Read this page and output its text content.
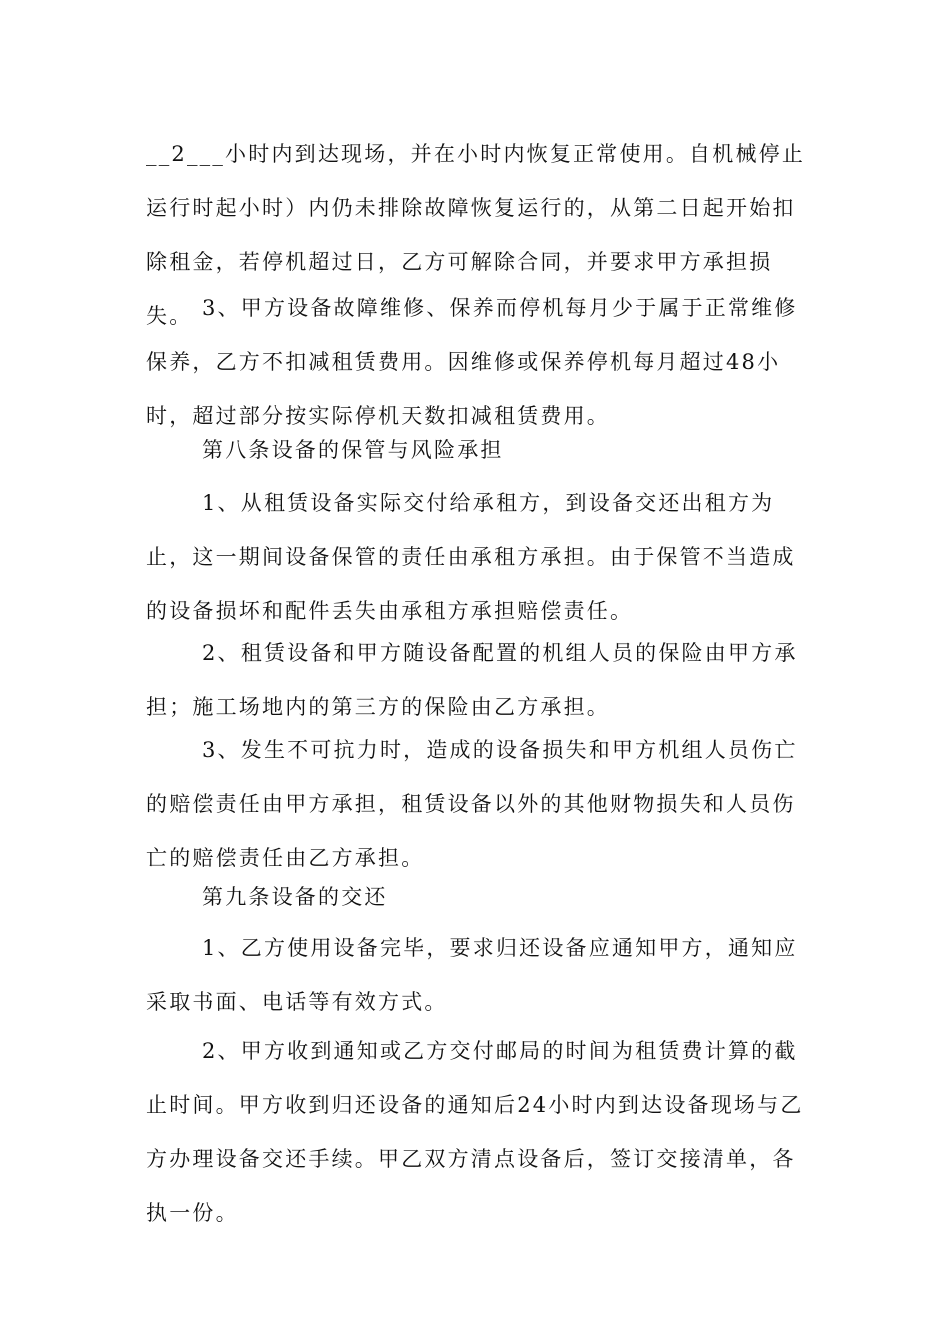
__2___小时内到达现场，并在小时内恢复正常使用。自机械停止运行时起小时）内仍未排除故障恢复运行的，从第二日起开始扣除租金，若停机超过日，乙方可解除合同，并要求甲方承担损失。 3、甲方设备故障维修、保养而停机每月少于属于正常维修保养，乙方不扣减租赁费用。因维修或保养停机每月超过48小时，超过部分按实际停机天数扣减租赁费用。

第八条设备的保管与风险承担

1、从租赁设备实际交付给承租方，到设备交还出租方为止，这一期间设备保管的责任由承租方承担。由于保管不当造成的设备损坏和配件丢失由承租方承担赔偿责任。

2、租赁设备和甲方随设备配置的机组人员的保险由甲方承担；施工场地内的第三方的保险由乙方承担。

3、发生不可抗力时，造成的设备损失和甲方机组人员伤亡的赔偿责任由甲方承担，租赁设备以外的其他财物损失和人员伤亡的赔偿责任由乙方承担。

第九条设备的交还

1、乙方使用设备完毕，要求归还设备应通知甲方，通知应采取书面、电话等有效方式。

2、甲方收到通知或乙方交付邮局的时间为租赁费计算的截止时间。甲方收到归还设备的通知后24小时内到达设备现场与乙方办理设备交还手续。甲乙双方清点设备后，签订交接清单，各执一份。
